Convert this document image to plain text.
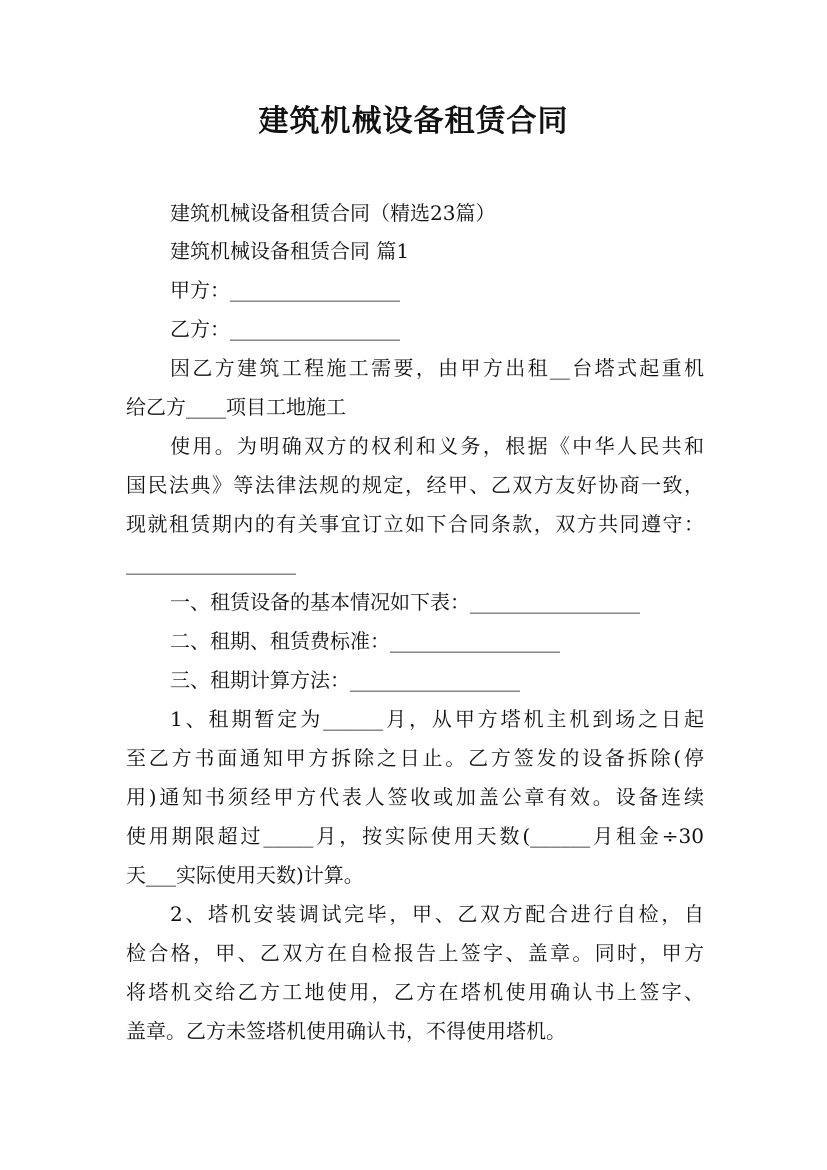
建筑机械设备租赁合同
建筑机械设备租赁合同（精选23篇）
建筑机械设备租赁合同 篇1
甲方：_________________
乙方：_________________
因乙方建筑工程施工需要，由甲方出租__台塔式起重机
给乙方____项目工地施工
使用。为明确双方的权利和义务，根据《中华人民共和
国民法典》等法律法规的规定，经甲、乙双方友好协商一致，
现就租赁期内的有关事宜订立如下合同条款，双方共同遵守：
_________________
一、租赁设备的基本情况如下表：_________________
二、租期、租赁费标准：_________________
三、租期计算方法：_________________
1、租期暂定为______月，从甲方塔机主机到场之日起
至乙方书面通知甲方拆除之日止。乙方签发的设备拆除(停
用)通知书须经甲方代表人签收或加盖公章有效。设备连续
使用期限超过_____月，按实际使用天数(______月租金÷30
天___实际使用天数)计算。
2、塔机安装调试完毕，甲、乙双方配合进行自检，自
检合格，甲、乙双方在自检报告上签字、盖章。同时，甲方
将塔机交给乙方工地使用，乙方在塔机使用确认书上签字、
盖章。乙方未签塔机使用确认书，不得使用塔机。
